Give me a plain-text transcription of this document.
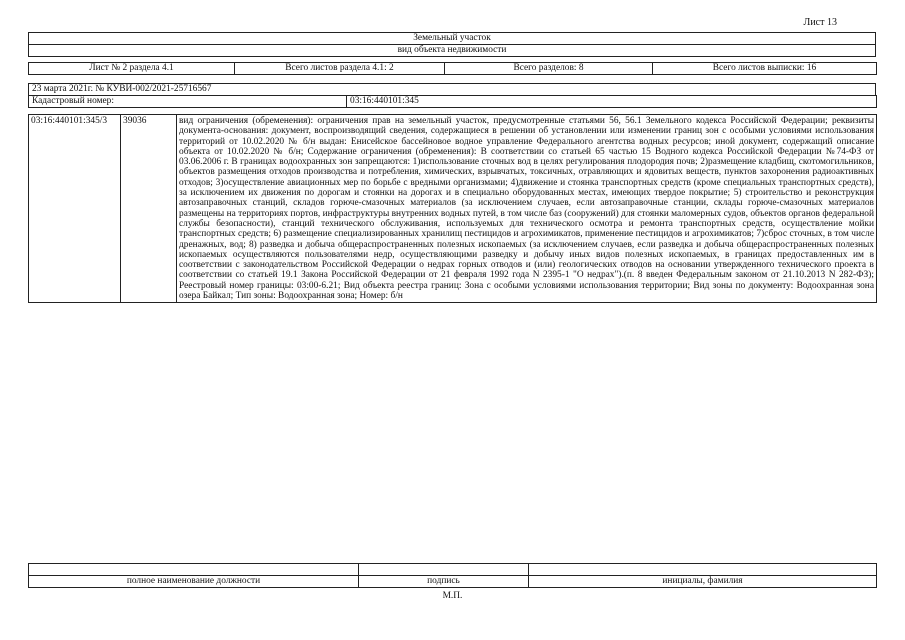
Лист 13
Земельный участок
вид объекта недвижимости
Лист № 2 раздела 4.1	Всего листов раздела 4.1: 2	Всего разделов: 8	Всего листов выписки: 16
23 марта 2021г. № КУВИ-002/2021-25716567
Кадастровый номер:	03:16:440101:345
03:16:440101:345/3	39036	вид ограничения (обременения): ограничения прав на земельный участок, предусмотренные статьями 56, 56.1 Земельного кодекса Российской Федерации; реквизиты документа-основания: документ, воспроизводящий сведения, содержащиеся в решении об установлении или изменении границ зон с особыми условиями использования территорий от 10.02.2020 № б/н выдан: Енисейское бассейновое водное управление Федерального агентства водных ресурсов; иной документ, содержащий описание объекта от 10.02.2020 № б/н; Содержание ограничения (обременения): В соответствии со статьей 65 частью 15 Водного кодекса Российской Федерации №74-ФЗ от 03.06.2006 г. В границах водоохранных зон запрещаются: 1)использование сточных вод в целях регулирования плодородия почв; 2)размещение кладбищ, скотомогильников, объектов размещения отходов производства и потребления, химических, взрывчатых, токсичных, отравляющих и ядовитых веществ, пунктов захоронения радиоактивных отходов; 3)осуществление авиационных мер по борьбе с вредными организмами; 4)движение и стоянка транспортных средств (кроме специальных транспортных средств), за исключением их движения по дорогам и стоянки на дорогах и в специально оборудованных местах, имеющих твердое покрытие; 5) строительство и реконструкция автозаправочных станций, складов горюче-смазочных материалов (за исключением случаев, если автозаправочные станции, склады горюче-смазочных материалов размещены на территориях портов, инфраструктуры внутренних водных путей, в том числе баз (сооружений) для стоянки маломерных судов, объектов органов федеральной службы безопасности), станций технического обслуживания, используемых для технического осмотра и ремонта транспортных средств, осуществление мойки транспортных средств; 6) размещение специализированных хранилищ пестицидов и агрохимикатов, применение пестицидов и агрохимикатов; 7)сброс сточных, в том числе дренажных, вод; 8) разведка и добыча общераспространенных полезных ископаемых (за исключением случаев, если разведка и добыча общераспространенных полезных ископаемых осуществляются пользователями недр, осуществляющими разведку и добычу иных видов полезных ископаемых, в границах предоставленных им в соответствии с законодательством Российской Федерации о недрах горных отводов и (или) геологических отводов на основании утвержденного технического проекта в соответствии со статьей 19.1 Закона Российской Федерации от 21 февраля 1992 года N 2395-1 "О недрах").(п. 8 введен Федеральным законом от 21.10.2013 N 282-ФЗ); Реестровый номер границы: 03:00-6.21; Вид объекта реестра границ: Зона с особыми условиями использования территории; Вид зоны по документу: Водоохранная зона озера Байкал; Тип зоны: Водоохранная зона; Номер: б/н

полное наименование должности	подпись	инициалы, фамилия
М.П.
